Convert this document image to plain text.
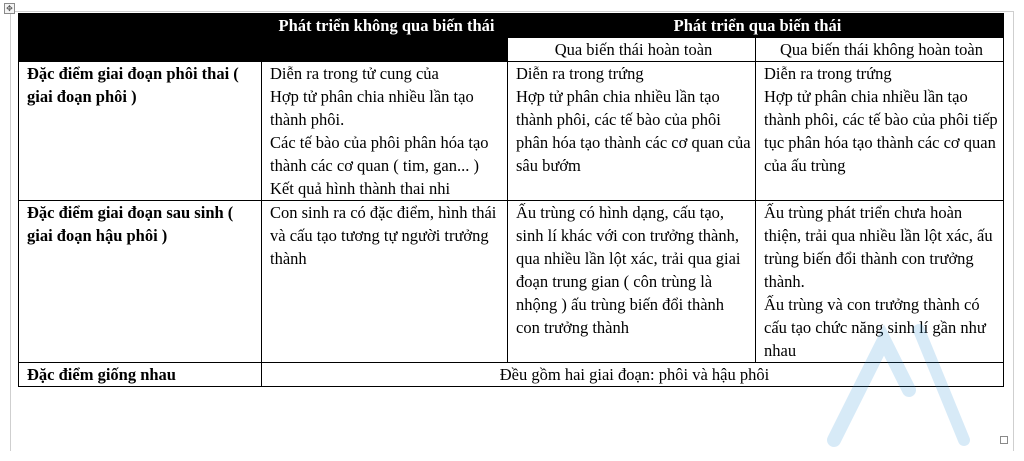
✥
	Phát triển không qua biến thái	Phát triển qua biến thái	
		Qua biến thái hoàn toàn	Qua biến thái không hoàn toàn
Đặc điểm giai đoạn phôi thai ( giai đoạn phôi )	Diễn ra trong tử cung của
Hợp tử phân chia nhiều lần tạo thành phôi.
Các tế bào của phôi phân hóa tạo thành các cơ quan ( tim, gan... ) Kết quả hình thành thai nhi	Diễn ra trong trứng
Hợp tử phân chia nhiều lần tạo thành phôi, các tế bào của phôi phân hóa tạo thành các cơ quan của sâu bướm	Diễn ra trong trứng
Hợp tử phân chia nhiều lần tạo thành phôi, các tế bào của phôi tiếp tục phân hóa tạo thành các cơ quan của ấu trùng

Đặc điểm giai đoạn sau sinh ( giai đoạn hậu phôi )	Con sinh ra có đặc điểm, hình thái và cấu tạo tương tự người trưởng thành	Ấu trùng có hình dạng, cấu tạo, sinh lí khác với con trưởng thành, qua nhiều lần lột xác, trải qua giai đoạn trung gian ( côn trùng là nhộng ) ấu trùng biến đổi thành con trưởng thành	Ấu trùng phát triển chưa hoàn thiện, trải qua nhiều lần lột xác, ấu trùng biến đổi thành con trưởng thành.
Ấu trùng và con trưởng thành có cấu tạo chức năng sinh lí gần như nhau

Đặc điểm giống nhau	Đều gồm hai giai đoạn: phôi và hậu phôi		
